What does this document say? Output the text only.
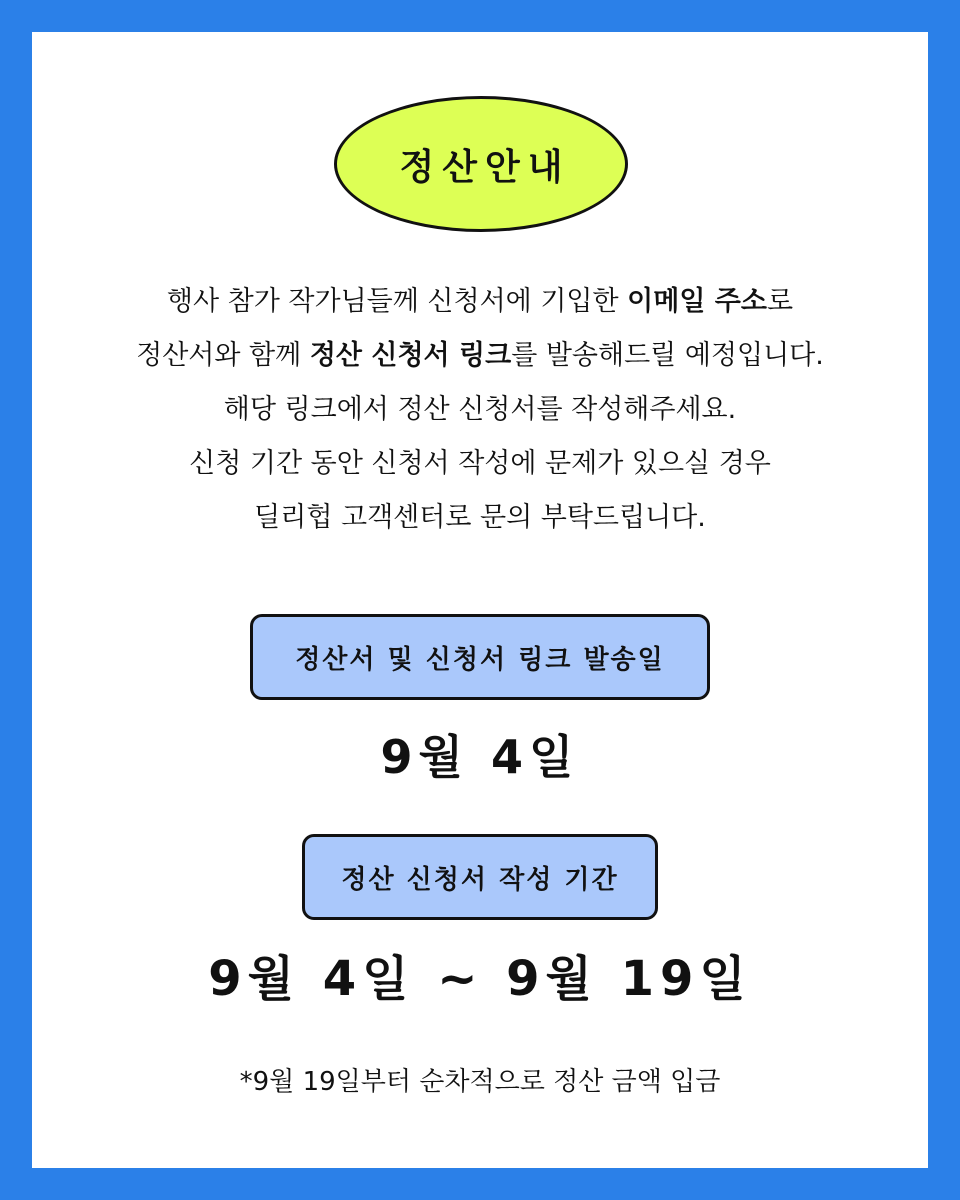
정산안내
행사 참가 작가님들께 신청서에 기입한 이메일 주소로
정산서와 함께 정산 신청서 링크를 발송해드릴 예정입니다.
해당 링크에서 정산 신청서를 작성해주세요.
신청 기간 동안 신청서 작성에 문제가 있으실 경우
딜리헙 고객센터로 문의 부탁드립니다.
정산서 및 신청서 링크 발송일
9월 4일
정산 신청서 작성 기간
9월 4일 ~ 9월 19일
*9월 19일부터 순차적으로 정산 금액 입금
